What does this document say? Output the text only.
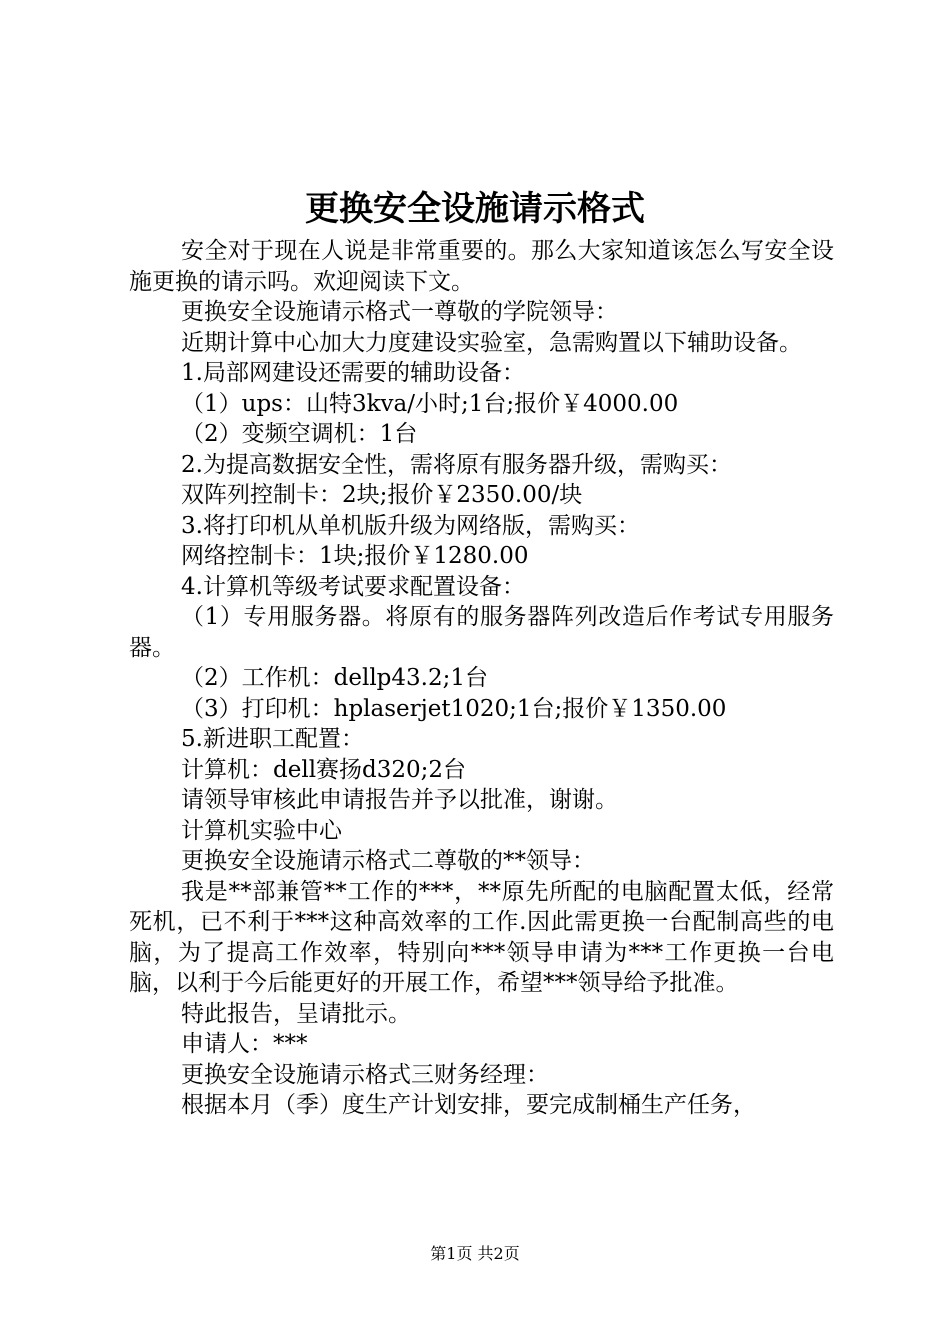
更换安全设施请示格式

安全对于现在人说是非常重要的。那么大家知道该怎么写安全设施更换的请示吗。欢迎阅读下文。

更换安全设施请示格式一尊敬的学院领导：

近期计算中心加大力度建设实验室，急需购置以下辅助设备。

1.局部网建设还需要的辅助设备：

（1）ups：山特3kva/小时;1台;报价￥4000.00

（2）变频空调机：1台

2.为提高数据安全性，需将原有服务器升级，需购买：

双阵列控制卡：2块;报价￥2350.00/块

3.将打印机从单机版升级为网络版，需购买：

网络控制卡：1块;报价￥1280.00

4.计算机等级考试要求配置设备：

（1）专用服务器。将原有的服务器阵列改造后作考试专用服务器。

（2）工作机：dellp43.2;1台

（3）打印机：hplaserjet1020;1台;报价￥1350.00

5.新进职工配置：

计算机：dell赛扬d320;2台

请领导审核此申请报告并予以批准，谢谢。

计算机实验中心

更换安全设施请示格式二尊敬的**领导：

我是**部兼管**工作的***，**原先所配的电脑配置太低，经常死机，已不利于***这种高效率的工作.因此需更换一台配制高些的电脑，为了提高工作效率，特别向***领导申请为***工作更换一台电脑，以利于今后能更好的开展工作，希望***领导给予批准。

特此报告，呈请批示。

申请人：***

更换安全设施请示格式三财务经理：

根据本月（季）度生产计划安排，要完成制桶生产任务，

第1页 共2页
